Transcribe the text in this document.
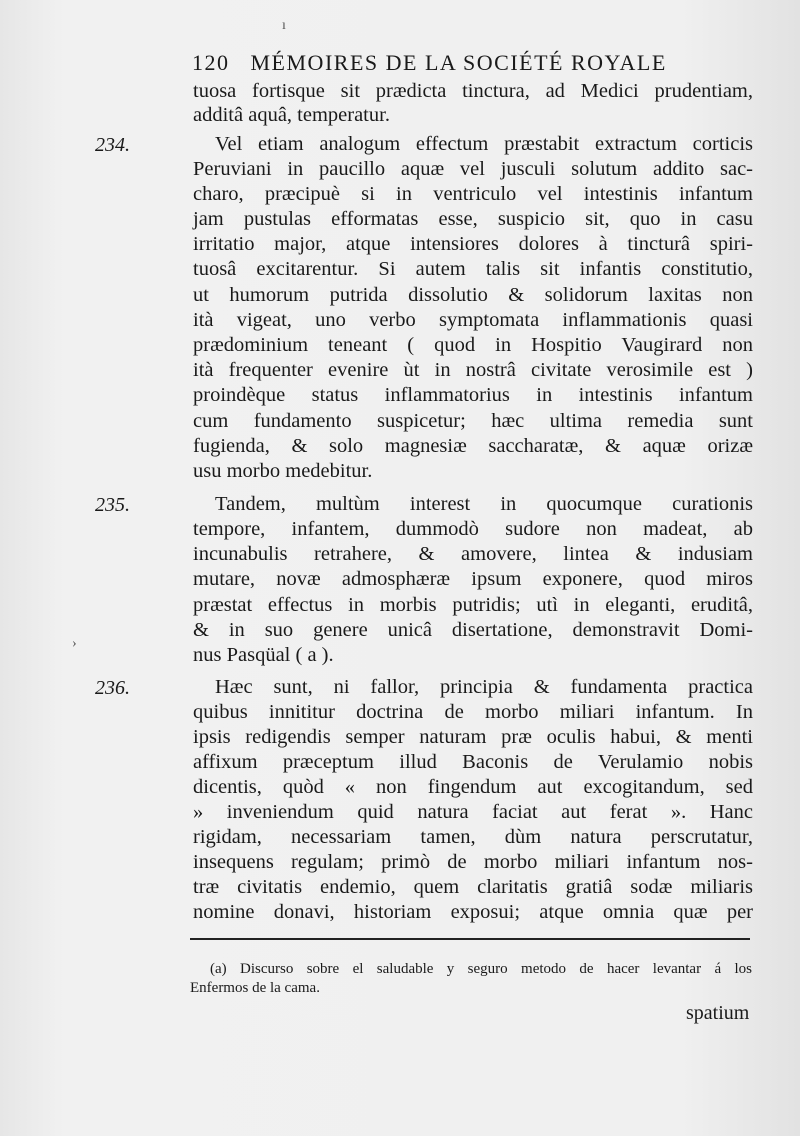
120 MÉMOIRES DE LA SOCIÉTÉ ROYALE
tuosa fortisque sit prædicta tinctura, ad Medici prudentiam,
additâ aquâ, temperatur.
234.	Vel etiam analogum effectum præstabit extractum corticis
Peruviani in paucillo aquæ vel jusculi solutum addito sac-
charo, præcipuè si in ventriculo vel intestinis infantum
jam pustulas efformatas esse, suspicio sit, quo in casu
irritatio major, atque intensiores dolores à tincturâ spiri-
tuosâ excitarentur. Si autem talis sit infantis constitutio,
ut humorum putrida dissolutio & solidorum laxitas non
ità vigeat, uno verbo symptomata inflammationis quasi
prædominium teneant ( quod in Hospitio Vaugirard non
ità frequenter evenire ùt in nostrâ civitate verosimile est )
proindèque status inflammatorius in intestinis infantum
cum fundamento suspicetur; hæc ultima remedia sunt
fugienda, & solo magnesiæ saccharatæ, & aquæ orizæ
usu morbo medebitur.
235.	Tandem, multùm interest in quocumque curationis
tempore, infantem, dummodò sudore non madeat, ab
incunabulis retrahere, & amovere, lintea & indusiam
mutare, novæ admosphæræ ipsum exponere, quod miros
præstat effectus in morbis putridis; utì in eleganti, eruditâ,
& in suo genere unicâ disertatione, demonstravit Domi-
nus Pasqüal ( a ).
236.	Hæc sunt, ni fallor, principia & fundamenta practica
quibus innititur doctrina de morbo miliari infantum. In
ipsis redigendis semper naturam præ oculis habui, & menti
affixum præceptum illud Baconis de Verulamio nobis
dicentis, quòd « non fingendum aut excogitandum, sed
» inveniendum quid natura faciat aut ferat ». Hanc
rigidam, necessariam tamen, dùm natura perscrutatur,
insequens regulam; primò de morbo miliari infantum nos-
træ civitatis endemio, quem claritatis gratiâ sodæ miliaris
nomine donavi, historiam exposui; atque omnia quæ per
(a) Discurso sobre el saludable y seguro metodo de hacer levantar á los
Enfermos de la cama.
spatium
ı
›
